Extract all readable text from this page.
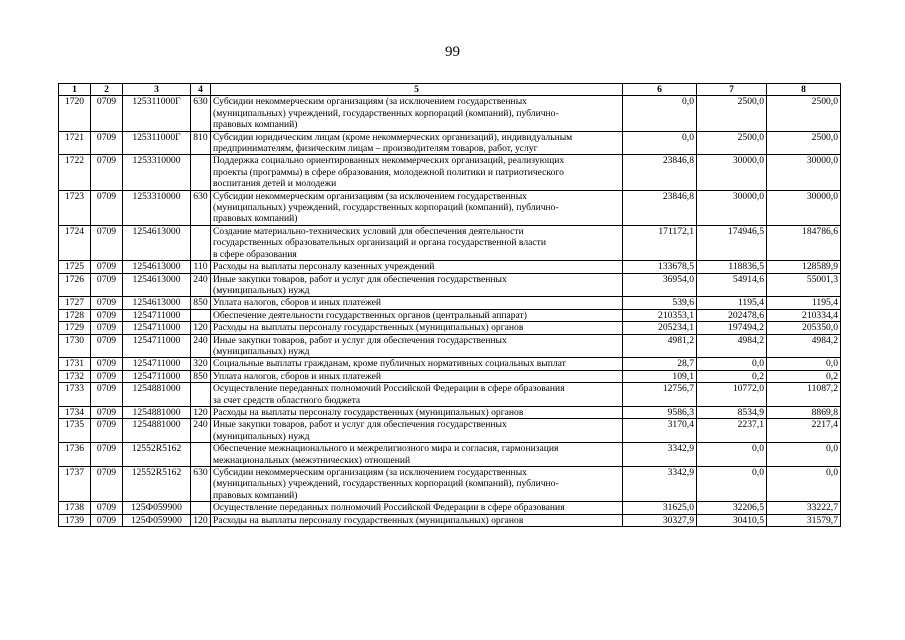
99
1	2	3	4	5	6	7	8
1720	0709	125311000Г	630	Субсидии некоммерческим организациям (за исключением государственных
(муниципальных) учреждений, государственных корпораций (компаний), публично-
правовых компаний)	0,0	2500,0	2500,0
1721	0709	125311000Г	810	Субсидии юридическим лицам (кроме некоммерческих организаций), индивидуальным
предпринимателям, физическим лицам – производителям товаров, работ, услуг	0,0	2500,0	2500,0
1722	0709	1253310000		Поддержка социально ориентированных некоммерческих организаций, реализующих
проекты (программы) в сфере образования, молодежной политики и патриотического
воспитания детей и молодежи	23846,8	30000,0	30000,0
1723	0709	1253310000	630	Субсидии некоммерческим организациям (за исключением государственных
(муниципальных) учреждений, государственных корпораций (компаний), публично-
правовых компаний)	23846,8	30000,0	30000,0
1724	0709	1254613000		Создание материально-технических условий для обеспечения деятельности
государственных образовательных организаций и органа государственной власти
в сфере образования	171172,1	174946,5	184786,6
1725	0709	1254613000	110	Расходы на выплаты персоналу казенных учреждений	133678,5	118836,5	128589,9
1726	0709	1254613000	240	Иные закупки товаров, работ и услуг для обеспечения государственных
(муниципальных) нужд	36954,0	54914,6	55001,3
1727	0709	1254613000	850	Уплата налогов, сборов и иных платежей	539,6	1195,4	1195,4
1728	0709	1254711000		Обеспечение деятельности государственных органов (центральный аппарат)	210353,1	202478,6	210334,4
1729	0709	1254711000	120	Расходы на выплаты персоналу государственных (муниципальных) органов	205234,1	197494,2	205350,0
1730	0709	1254711000	240	Иные закупки товаров, работ и услуг для обеспечения государственных
(муниципальных) нужд	4981,2	4984,2	4984,2
1731	0709	1254711000	320	Социальные выплаты гражданам, кроме публичных нормативных социальных выплат	28,7	0,0	0,0
1732	0709	1254711000	850	Уплата налогов, сборов и иных платежей	109,1	0,2	0,2
1733	0709	1254881000		Осуществление переданных полномочий Российской Федерации в сфере образования
за счет средств областного бюджета	12756,7	10772,0	11087,2
1734	0709	1254881000	120	Расходы на выплаты персоналу государственных (муниципальных) органов	9586,3	8534,9	8869,8
1735	0709	1254881000	240	Иные закупки товаров, работ и услуг для обеспечения государственных
(муниципальных) нужд	3170,4	2237,1	2217,4
1736	0709	12552R5162		Обеспечение межнационального и межрелигиозного мира и согласия, гармонизация
межнациональных (межэтнических) отношений	3342,9	0,0	0,0
1737	0709	12552R5162	630	Субсидии некоммерческим организациям (за исключением государственных
(муниципальных) учреждений, государственных корпораций (компаний), публично-
правовых компаний)	3342,9	0,0	0,0
1738	0709	125Ф059900		Осуществление переданных полномочий Российской Федерации в сфере образования	31625,0	32206,5	33222,7
1739	0709	125Ф059900	120	Расходы на выплаты персоналу государственных (муниципальных) органов	30327,9	30410,5	31579,7
